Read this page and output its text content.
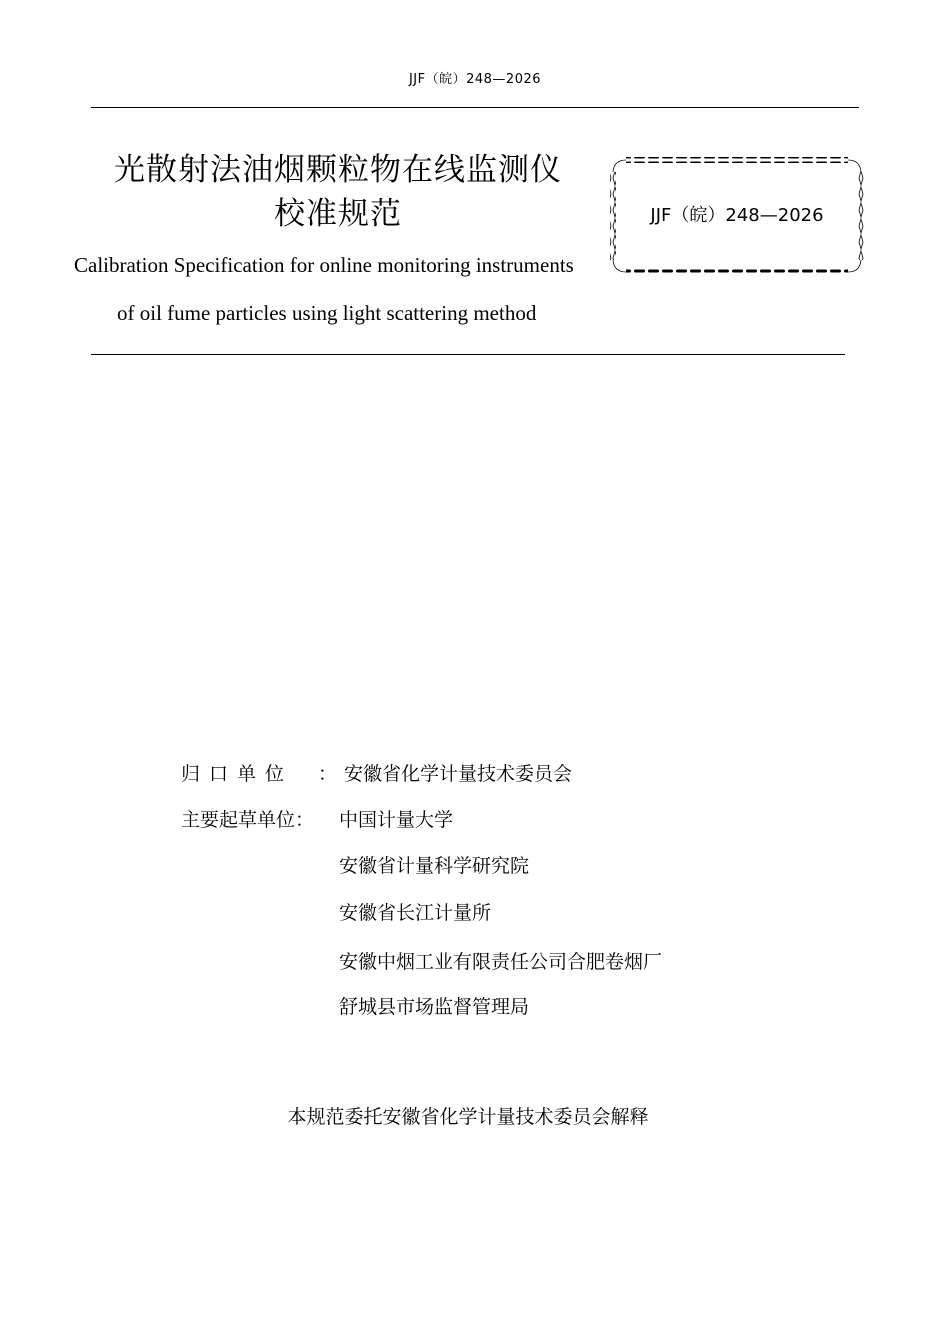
JJF（皖）248—2026
光散射法油烟颗粒物在线监测仪
校准规范
Calibration Specification for online monitoring instruments
of oil fume particles using light scattering method
JJF（皖）248—2026
归口单位 ： 安徽省化学计量技术委员会
主要起草单位： 中国计量大学
安徽省计量科学研究院
安徽省长江计量所
安徽中烟工业有限责任公司合肥卷烟厂
舒城县市场监督管理局
本规范委托安徽省化学计量技术委员会解释
